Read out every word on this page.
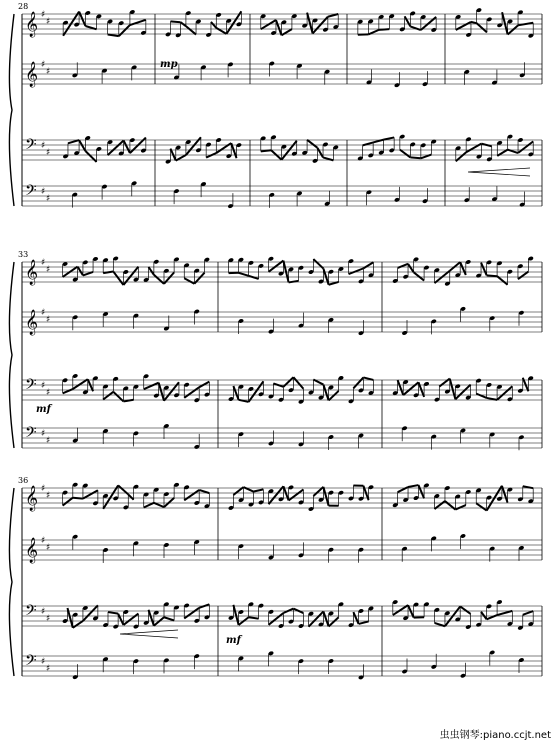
28
𝄞 ♯
♯
𝄞 ♯
♯
𝄢 ♯
♯
𝄢 ♯
♯
33
𝄞 ♯
♯
𝄞 ♯
♯
𝄢 ♯
♯
𝄢 ♯
♯
36
𝄞 ♯
♯
𝄞 ♯
♯
𝄢 ♯
♯
𝄢 ♯
♯
mp
mf
mf
虫虫钢琴:piano.ccjt.net
